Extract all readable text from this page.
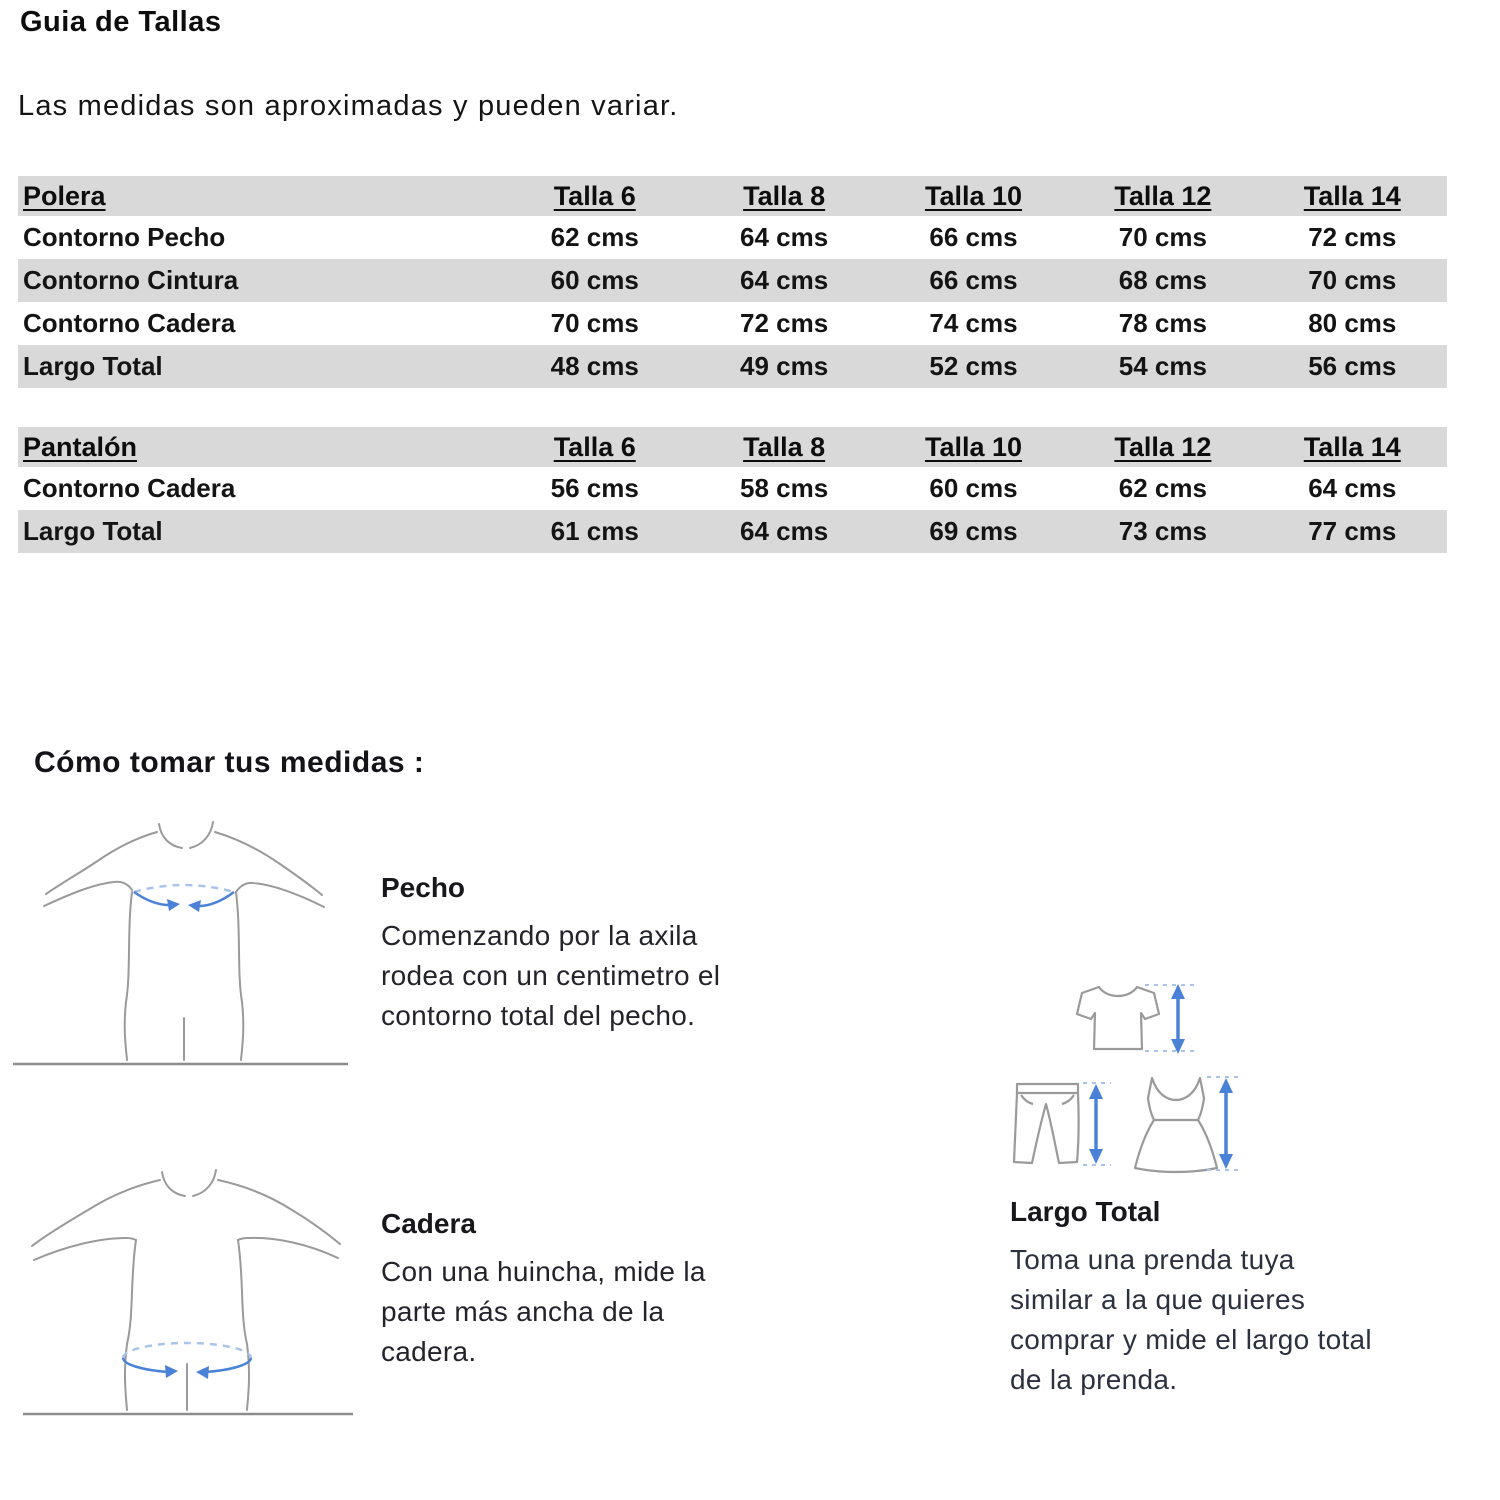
Guia de Tallas
Las medidas son aproximadas y pueden variar.
Polera	Talla 6	Talla 8	Talla 10	Talla 12	Talla 14
Contorno Pecho	62 cms	64 cms	66 cms	70 cms	72 cms
Contorno Cintura	60 cms	64 cms	66 cms	68 cms	70 cms
Contorno Cadera	70 cms	72 cms	74 cms	78 cms	80 cms
Largo Total	48 cms	49 cms	52 cms	54 cms	56 cms
Pantalón	Talla 6	Talla 8	Talla 10	Talla 12	Talla 14
Contorno Cadera	56 cms	58 cms	60 cms	62 cms	64 cms
Largo Total	61 cms	64 cms	69 cms	73 cms	77 cms
Cómo tomar tus medidas :
Pecho
Comenzando por la axila
rodea con un centimetro el
contorno total del pecho.
Largo Total
Toma una prenda tuya
similar a la que quieres
comprar y mide el largo total
de la prenda.
Cadera
Con una huincha, mide la
parte más ancha de la
cadera.
